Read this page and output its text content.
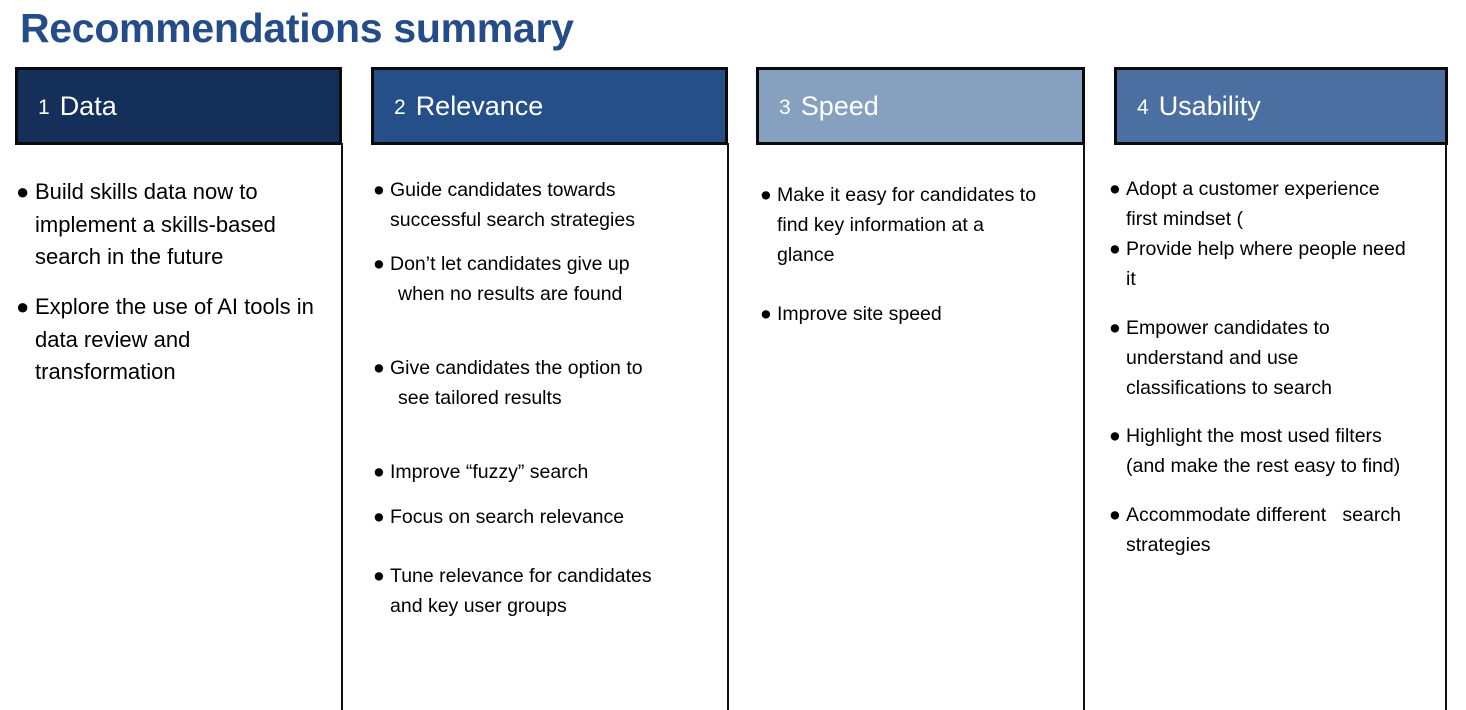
Recommendations summary
1 Data
● Build skills data now to
implement a skills-based
search in the future
● Explore the use of AI tools in
data review and
transformation
2 Relevance
● Guide candidates towards
successful search strategies
● Don’t let candidates give up
when no results are found
● Give candidates the option to
see tailored results
● Improve “fuzzy” search
● Focus on search relevance
● Tune relevance for candidates
and key user groups
3 Speed
● Make it easy for candidates to
find key information at a
glance
● Improve site speed
4 Usability
● Adopt a customer experience
first mindset (
● Provide help where people need
it
● Empower candidates to
understand and use
classifications to search
● Highlight the most used filters
(and make the rest easy to find)
● Accommodate different   search
strategies
